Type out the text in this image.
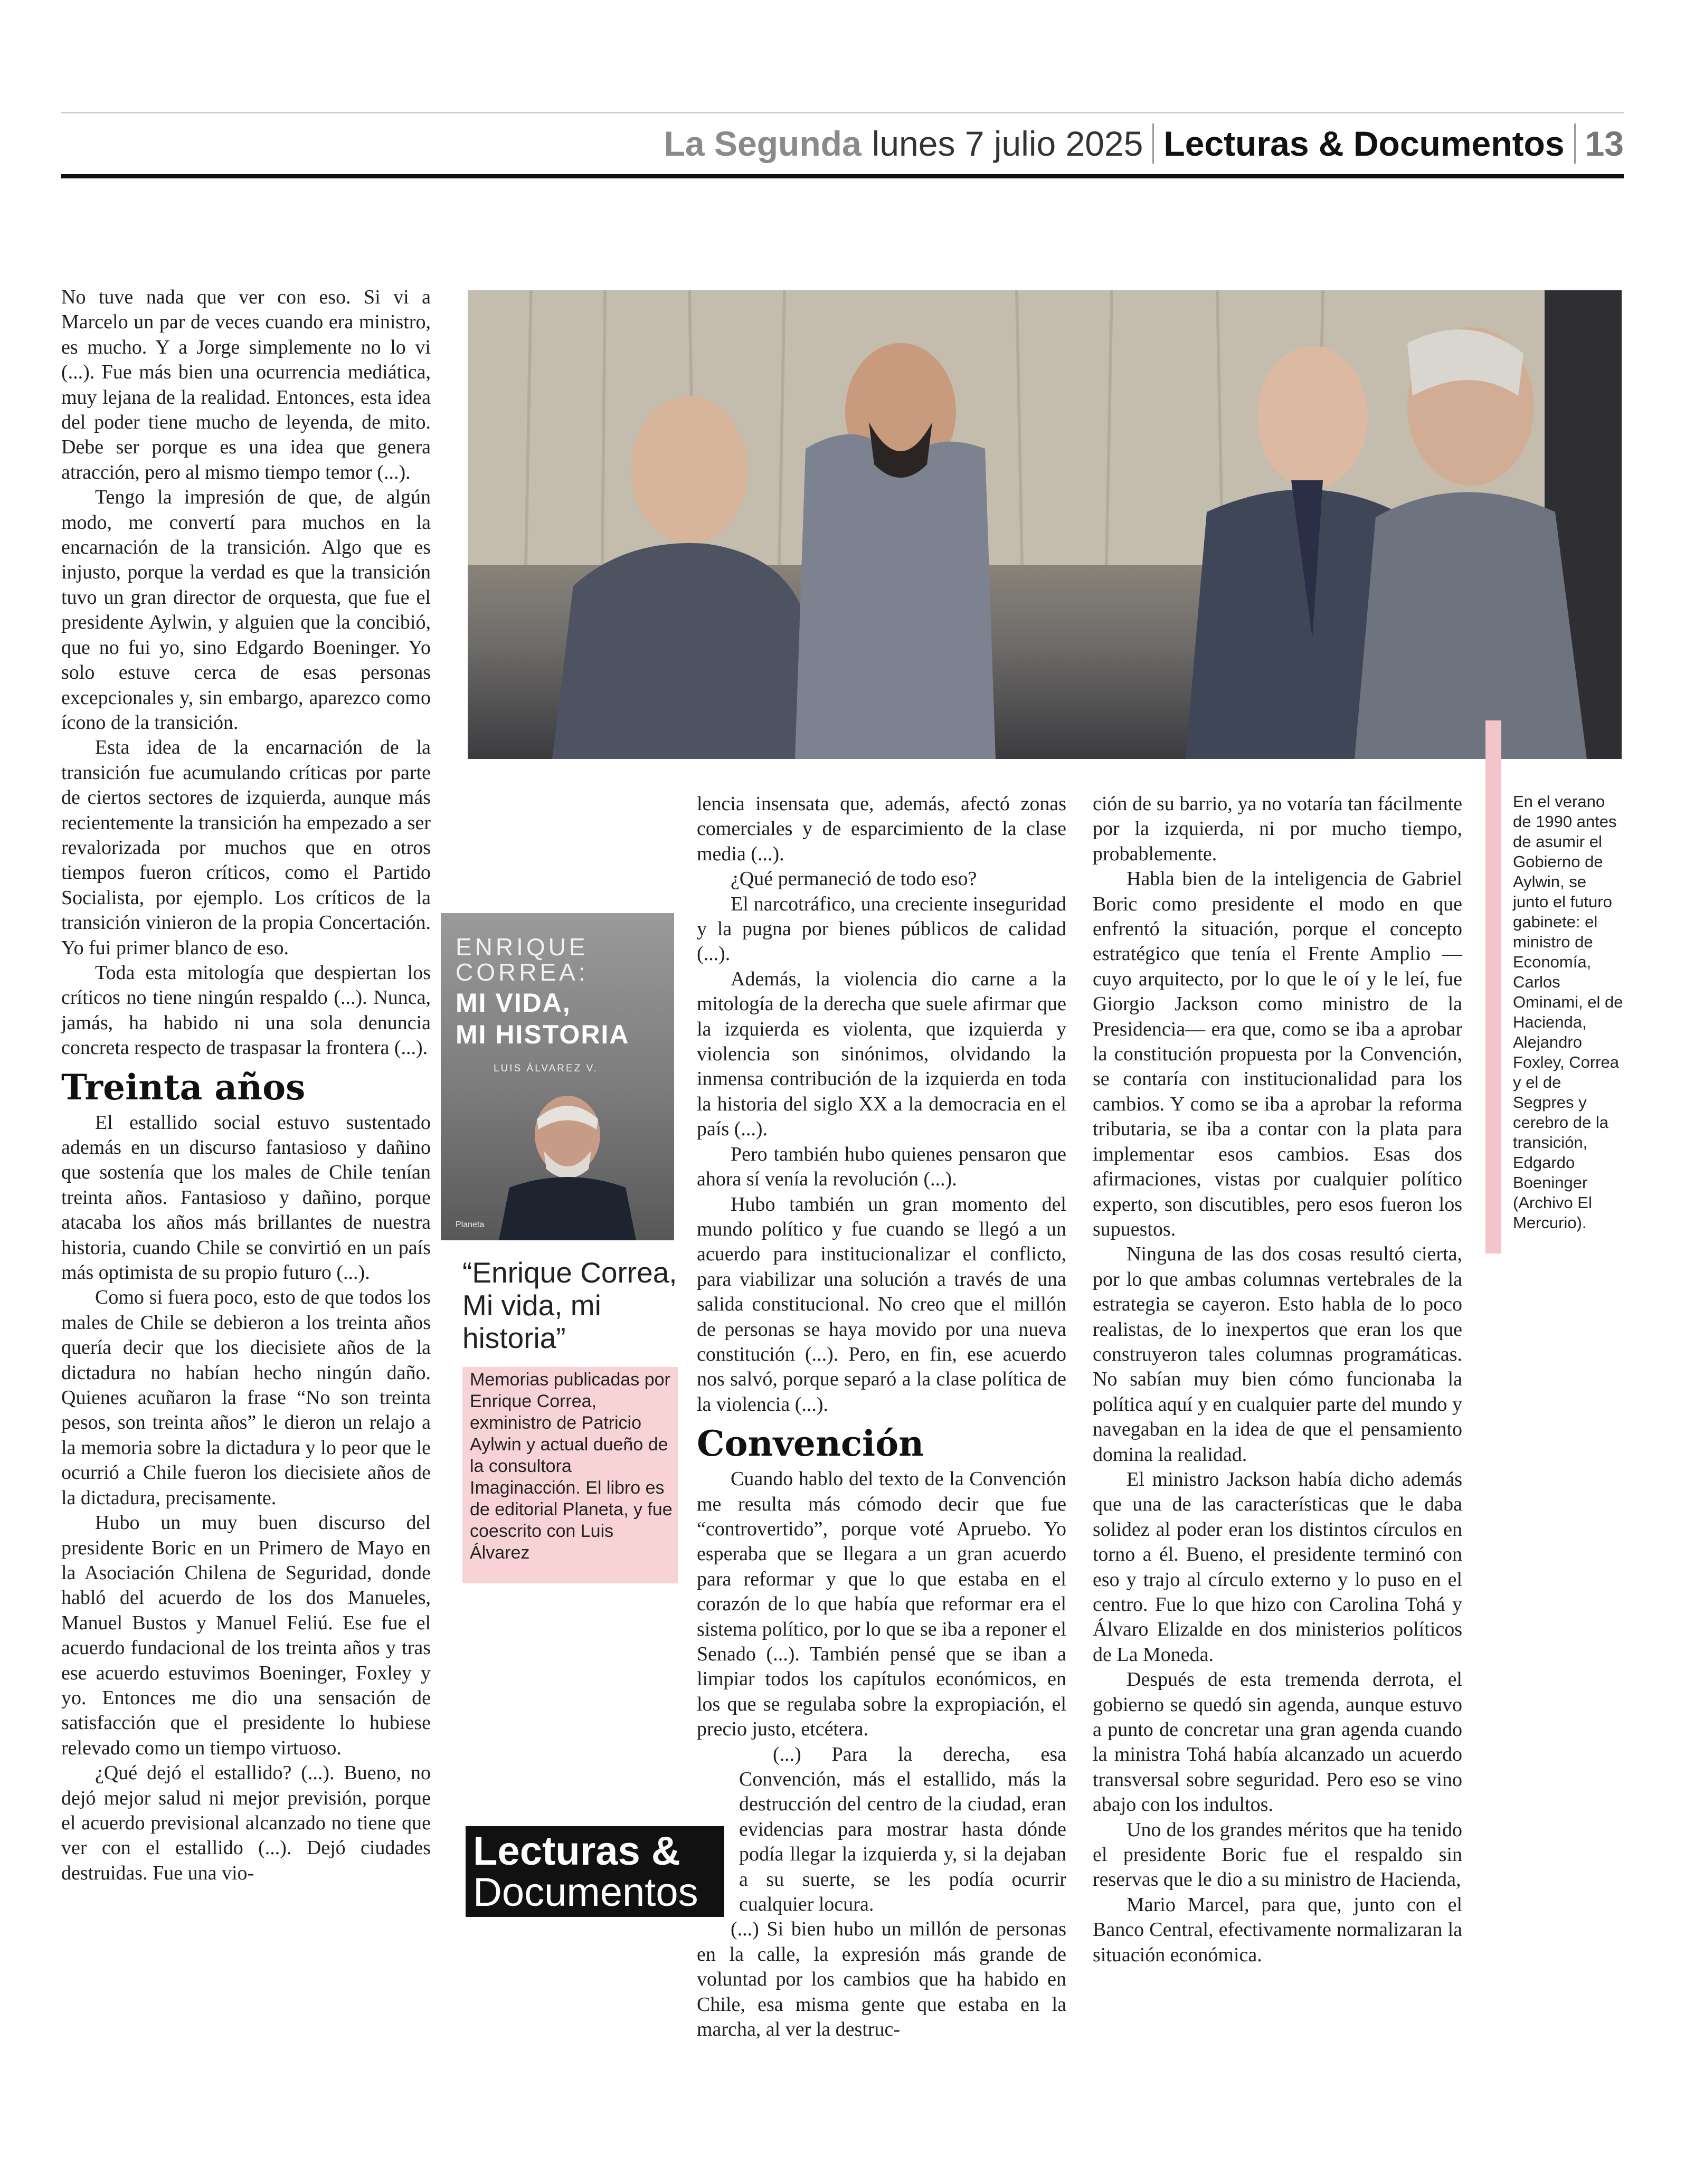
La Segunda lunes 7 julio 2025 Lecturas & Documentos 13

No tuve nada que ver con eso. Si vi a Marcelo un par de veces cuando era ministro, es mucho. Y a Jorge simplemente no lo vi (...). Fue más bien una ocurrencia mediática, muy lejana de la realidad. Entonces, esta idea del poder tiene mucho de leyenda, de mito. Debe ser porque es una idea que genera atracción, pero al mismo tiempo temor (...).

Tengo la impresión de que, de algún modo, me convertí para muchos en la encarnación de la transición. Algo que es injusto, porque la verdad es que la transición tuvo un gran director de orquesta, que fue el presidente Aylwin, y alguien que la concibió, que no fui yo, sino Edgardo Boeninger. Yo solo estuve cerca de esas personas excepcionales y, sin embargo, aparezco como ícono de la transición.

Esta idea de la encarnación de la transición fue acumulando críticas por parte de ciertos sectores de izquierda, aunque más recientemente la transición ha empezado a ser revalorizada por muchos que en otros tiempos fueron críticos, como el Partido Socialista, por ejemplo. Los críticos de la transición vinieron de la propia Concertación. Yo fui primer blanco de eso.

Toda esta mitología que despiertan los críticos no tiene ningún respaldo (...). Nunca, jamás, ha habido ni una sola denuncia concreta respecto de traspasar la frontera (...).

Treinta años

El estallido social estuvo sustentado además en un discurso fantasioso y dañino que sostenía que los males de Chile tenían treinta años. Fantasioso y dañino, porque atacaba los años más brillantes de nuestra historia, cuando Chile se convirtió en un país más optimista de su propio futuro (...).

Como si fuera poco, esto de que todos los males de Chile se debieron a los treinta años quería decir que los diecisiete años de la dictadura no habían hecho ningún daño. Quienes acuñaron la frase “No son treinta pesos, son treinta años” le dieron un relajo a la memoria sobre la dictadura y lo peor que le ocurrió a Chile fueron los diecisiete años de la dictadura, precisamente.

Hubo un muy buen discurso del presidente Boric en un Primero de Mayo en la Asociación Chilena de Seguridad, donde habló del acuerdo de los dos Manueles, Manuel Bustos y Manuel Feliú. Ese fue el acuerdo fundacional de los treinta años y tras ese acuerdo estuvimos Boeninger, Foxley y yo. Entonces me dio una sensación de satisfacción que el presidente lo hubiese relevado como un tiempo virtuoso.

¿Qué dejó el estallido? (...). Bueno, no dejó mejor salud ni mejor previsión, porque el acuerdo previsional alcanzado no tiene que ver con el estallido (...). Dejó ciudades destruidas. Fue una vio-

En el verano de 1990 antes de asumir el Gobierno de Aylwin, se junto el futuro gabinete: el ministro de Economía, Carlos Ominami, el de Hacienda, Alejandro Foxley, Correa y el de Segpres y cerebro de la transición, Edgardo Boeninger (Archivo El Mercurio).
ENRIQUE
CORREA:
MI VIDA,
MI HISTORIA
LUIS ÁLVAREZ V.
Planeta
“Enrique Correa, Mi vida, mi historia”
Memorias publicadas por Enrique Correa, exministro de Patricio Aylwin y actual dueño de la consultora Imaginacción. El libro es de editorial Planeta, y fue coescrito con Luis Álvarez

lencia insensata que, además, afectó zonas comerciales y de esparcimiento de la clase media (...).

¿Qué permaneció de todo eso?

El narcotráfico, una creciente inseguridad y la pugna por bienes públicos de calidad (...).

Además, la violencia dio carne a la mitología de la derecha que suele afirmar que la izquierda es violenta, que izquierda y violencia son sinónimos, olvidando la inmensa contribución de la izquierda en toda la historia del siglo XX a la democracia en el país (...).

Pero también hubo quienes pensaron que ahora sí venía la revolución (...).

Hubo también un gran momento del mundo político y fue cuando se llegó a un acuerdo para institucionalizar el conflicto, para viabilizar una solución a través de una salida constitucional. No creo que el millón de personas se haya movido por una nueva constitución (...). Pero, en fin, ese acuerdo nos salvó, porque separó a la clase política de la violencia (...).

Convención

Cuando hablo del texto de la Convención me resulta más cómodo decir que fue “controvertido”, porque voté Apruebo. Yo esperaba que se llegara a un gran acuerdo para reformar y que lo que estaba en el corazón de lo que había que reformar era el sistema político, por lo que se iba a reponer el Senado (...). También pensé que se iban a limpiar todos los capítulos económicos, en los que se regulaba sobre la expropiación, el precio justo, etcétera.

(...) Para la derecha, esa Convención, más el estallido, más la destrucción del centro de la ciudad, eran evidencias para mostrar hasta dónde podía llegar la izquierda y, si la dejaban a su suerte, se les podía ocurrir cualquier locura.

(...) Si bien hubo un millón de personas en la calle, la expresión más grande de voluntad por los cambios que ha habido en Chile, esa misma gente que estaba en la marcha, al ver la destruc-

Lecturas &
Documentos

ción de su barrio, ya no votaría tan fácilmente por la izquierda, ni por mucho tiempo, probablemente.

Habla bien de la inteligencia de Gabriel Boric como presidente el modo en que enfrentó la situación, porque el concepto estratégico que tenía el Frente Amplio —cuyo arquitecto, por lo que le oí y le leí, fue Giorgio Jackson como ministro de la Presidencia— era que, como se iba a aprobar la constitución propuesta por la Convención, se contaría con institucionalidad para los cambios. Y como se iba a aprobar la reforma tributaria, se iba a contar con la plata para implementar esos cambios. Esas dos afirmaciones, vistas por cualquier político experto, son discutibles, pero esos fueron los supuestos.

Ninguna de las dos cosas resultó cierta, por lo que ambas columnas vertebrales de la estrategia se cayeron. Esto habla de lo poco realistas, de lo inexpertos que eran los que construyeron tales columnas programáticas. No sabían muy bien cómo funcionaba la política aquí y en cualquier parte del mundo y navegaban en la idea de que el pensamiento domina la realidad.

El ministro Jackson había dicho además que una de las características que le daba solidez al poder eran los distintos círculos en torno a él. Bueno, el presidente terminó con eso y trajo al círculo externo y lo puso en el centro. Fue lo que hizo con Carolina Tohá y Álvaro Elizalde en dos ministerios políticos de La Moneda.

Después de esta tremenda derrota, el gobierno se quedó sin agenda, aunque estuvo a punto de concretar una gran agenda cuando la ministra Tohá había alcanzado un acuerdo transversal sobre seguridad. Pero eso se vino abajo con los indultos.

Uno de los grandes méritos que ha tenido el presidente Boric fue el respaldo sin reservas que le dio a su ministro de Hacienda,

Mario Marcel, para que, junto con el Banco Central, efectivamente normalizaran la situación económica.
